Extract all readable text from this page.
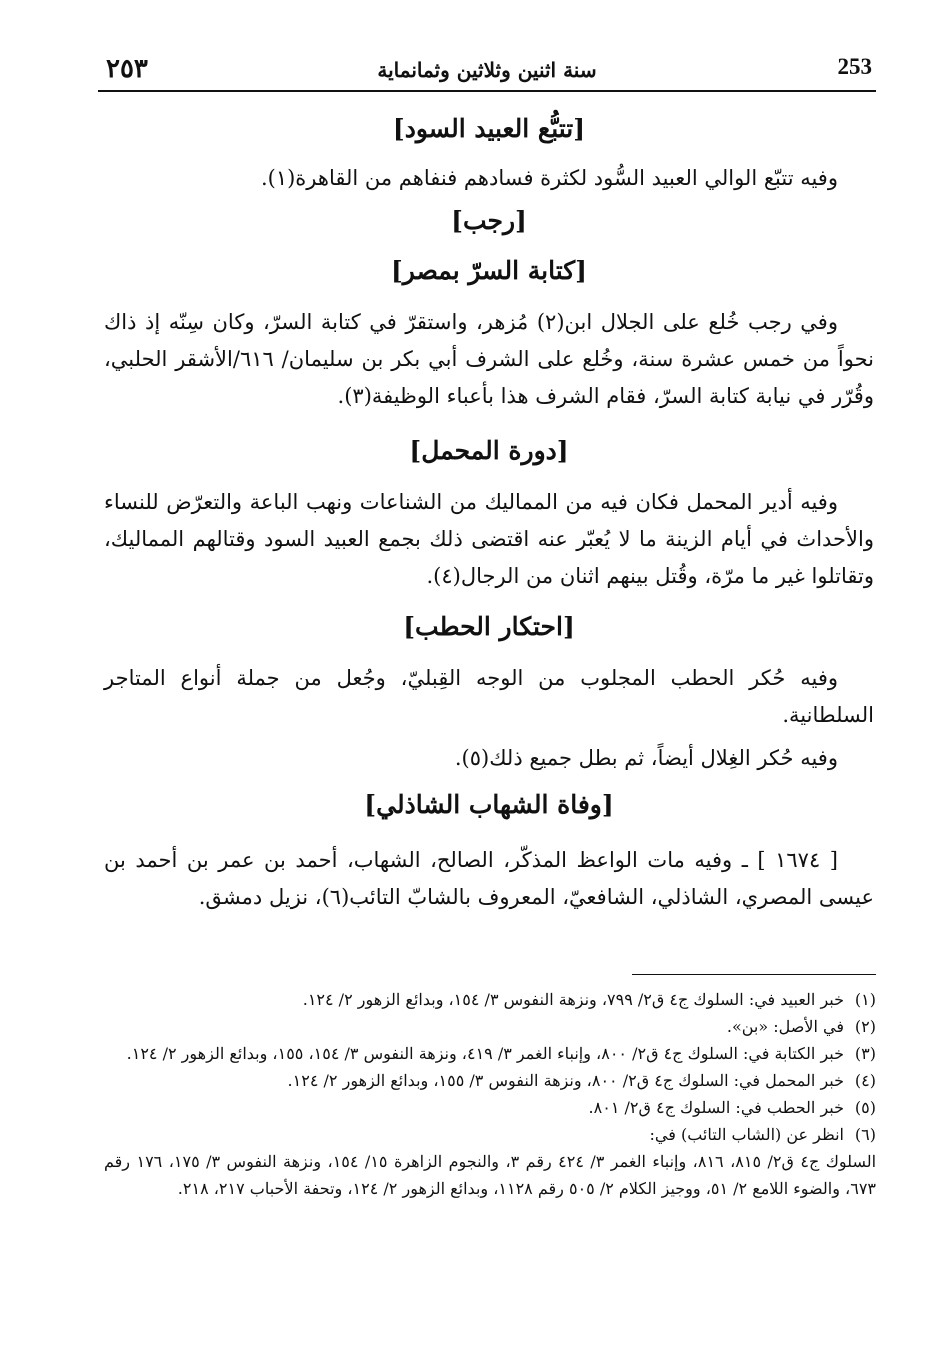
٢٥٣	سنة اثنين وثلاثين وثمانماية	253
[تتبُّع العبيد السود]
وفيه تتبّع الوالي العبيد السُّود لكثرة فسادهم فنفاهم من القاهرة(١).
[رجب]
[كتابة السرّ بمصر]
وفي رجب خُلع على الجلال ابن(٢) مُزهر، واستقرّ في كتابة السرّ، وكان سِنّه إذ ذاك نحواً من خمس عشرة سنة، وخُلع على الشرف أبي بكر بن سليمان/ ٦١٦/الأشقر الحلبي، وقُرّر في نيابة كتابة السرّ، فقام الشرف هذا بأعباء الوظيفة(٣).
[دورة المحمل]
وفيه أدير المحمل فكان فيه من المماليك من الشناعات ونهب الباعة والتعرّض للنساء والأحداث في أيام الزينة ما لا يُعبّر عنه اقتضى ذلك بجمع العبيد السود وقتالهم المماليك، وتقاتلوا غير ما مرّة، وقُتل بينهم اثنان من الرجال(٤).
[احتكار الحطب]
وفيه حُكر الحطب المجلوب من الوجه القِبليّ، وجُعل من جملة أنواع المتاجر السلطانية.
وفيه حُكر الغِلال أيضاً، ثم بطل جميع ذلك(٥).
[وفاة الشهاب الشاذلي]
[ ١٦٧٤ ] ـ وفيه مات الواعظ المذكّر، الصالح، الشهاب، أحمد بن عمر بن أحمد بن عيسى المصري، الشاذلي، الشافعيّ، المعروف بالشابّ التائب(٦)، نزيل دمشق.
(١)
خبر العبيد في: السلوك ج٤ ق٢/ ٧٩٩، ونزهة النفوس ٣/ ١٥٤، وبدائع الزهور ٢/ ١٢٤.
(٢)
في الأصل: «بن».
(٣)
خبر الكتابة في: السلوك ج٤ ق٢/ ٨٠٠، وإنباء الغمر ٣/ ٤١٩، ونزهة النفوس ٣/ ١٥٤، ١٥٥، وبدائع الزهور ٢/ ١٢٤.
(٤)
خبر المحمل في: السلوك ج٤ ق٢/ ٨٠٠، ونزهة النفوس ٣/ ١٥٥، وبدائع الزهور ٢/ ١٢٤.
(٥)
خبر الحطب في: السلوك ج٤ ق٢/ ٨٠١.
(٦)
انظر عن (الشاب التائب) في:
السلوك ج٤ ق٢/ ٨١٥، ٨١٦، وإنباء الغمر ٣/ ٤٢٤ رقم ٣، والنجوم الزاهرة ١٥/ ١٥٤، ونزهة النفوس ٣/ ١٧٥، ١٧٦ رقم ٦٧٣، والضوء اللامع ٢/ ٥١، ووجيز الكلام ٢/ ٥٠٥ رقم ١١٢٨، وبدائع الزهور ٢/ ١٢٤، وتحفة الأحباب ٢١٧، ٢١٨.
